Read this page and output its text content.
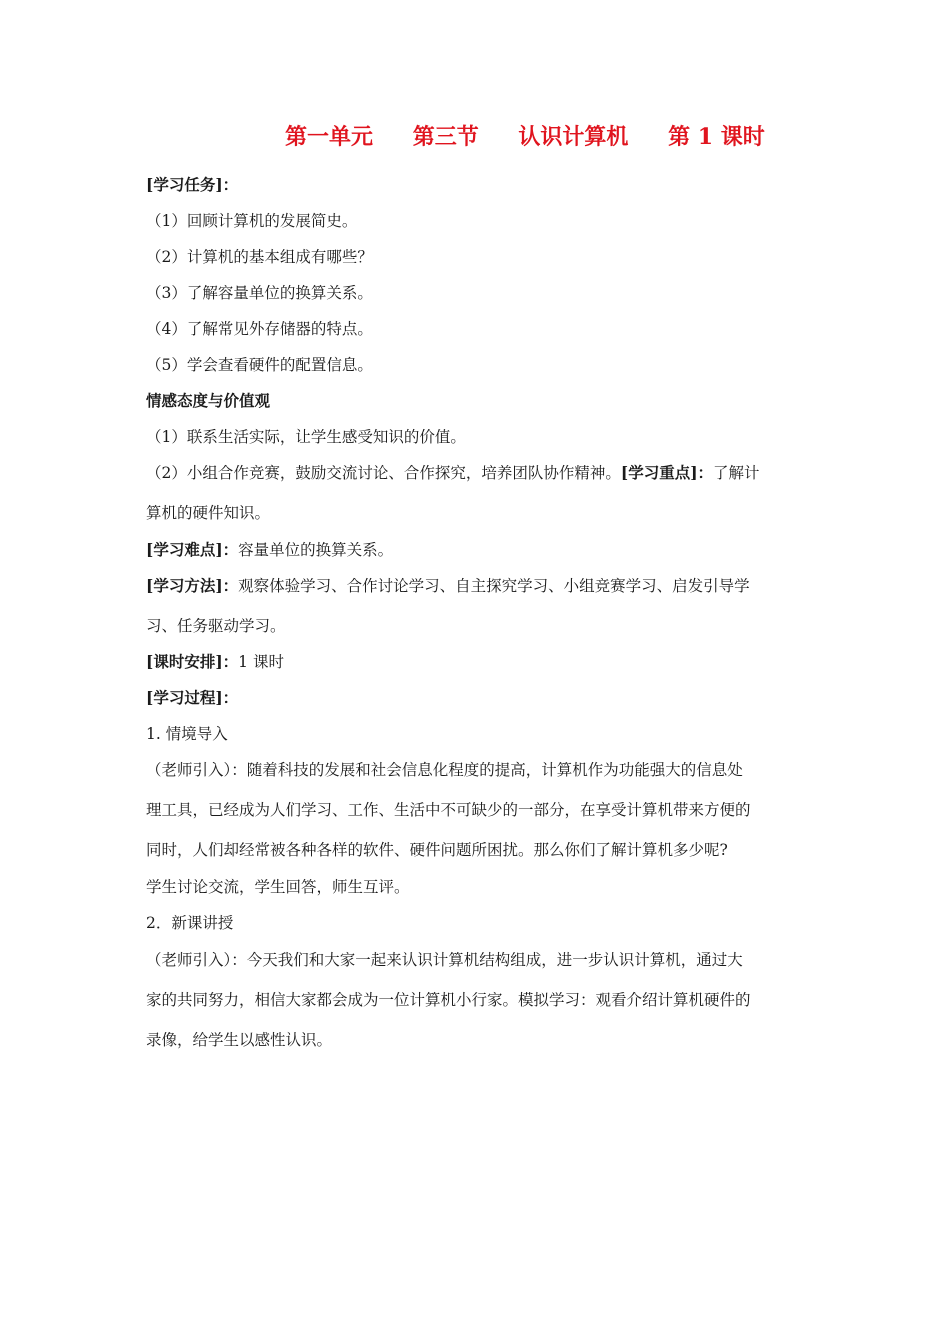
第一单元 第三节 认识计算机 第 1 课时
[学习任务]：
（1）回顾计算机的发展简史。
（2）计算机的基本组成有哪些？
（3）了解容量单位的换算关系。
（4）了解常见外存储器的特点。
（5）学会查看硬件的配置信息。
情感态度与价值观
（1）联系生活实际，让学生感受知识的价值。
（2）小组合作竞赛，鼓励交流讨论、合作探究，培养团队协作精神。[学习重点]：了解计
算机的硬件知识。
[学习难点]：容量单位的换算关系。
[学习方法]：观察体验学习、合作讨论学习、自主探究学习、小组竞赛学习、启发引导学
习、任务驱动学习。
[课时安排]：1 课时
[学习过程]：
1. 情境导入
（老师引入）：随着科技的发展和社会信息化程度的提高，计算机作为功能强大的信息处
理工具，已经成为人们学习、工作、生活中不可缺少的一部分，在享受计算机带来方便的
同时，人们却经常被各种各样的软件、硬件问题所困扰。那么你们了解计算机多少呢?
学生讨论交流，学生回答，师生互评。
2．新课讲授
（老师引入）：今天我们和大家一起来认识计算机结构组成，进一步认识计算机，通过大
家的共同努力，相信大家都会成为一位计算机小行家。模拟学习：观看介绍计算机硬件的
录像，给学生以感性认识。
